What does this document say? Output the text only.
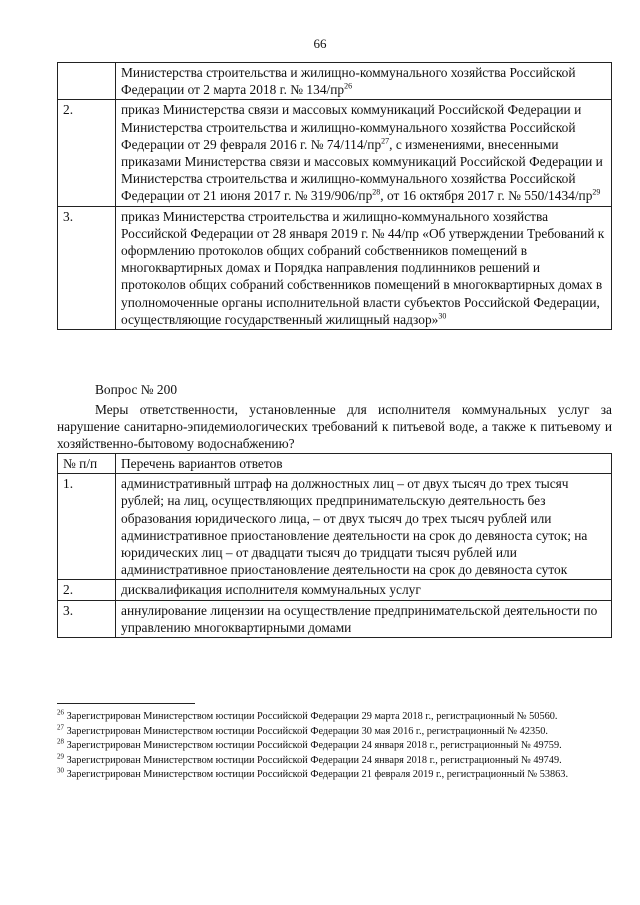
66
	Министерства строительства и жилищно-коммунального хозяйства Российской Федерации от 2 марта 2018 г. № $134/пр^{26}$
2.	приказ Министерства связи и массовых коммуникаций Российской Федерации и Министерства строительства и жилищно-коммунального хозяйства Российской Федерации от 29 февраля 2016 г. № $74/114/пр^{27}$, с изменениями, внесенными приказами Министерства связи и массовых коммуникаций Российской Федерации и Министерства строительства и жилищно-коммунального хозяйства Российской Федерации от 21 июня 2017 г. № $319/906/пр^{28}$, от 16 октября 2017 г. № $550/1434/пр^{29}$
3.	приказ Министерства строительства и жилищно-коммунального хозяйства Российской Федерации от 28 января 2019 г. № 44/пр «Об утверждении Требований к оформлению протоколов общих собраний собственников помещений в многоквартирных домах и Порядка направления подлинников решений и протоколов общих собраний собственников помещений в многоквартирных домах в уполномоченные органы исполнительной власти субъектов Российской Федерации, осуществляющие государственный жилищный надзор»$^{30}$
Вопрос № 200
Меры ответственности, установленные для исполнителя коммунальных услуг за нарушение санитарно-эпидемиологических требований к питьевой воде, а также к питьевому и хозяйственно-бытовому водоснабжению?
№ п/п	Перечень вариантов ответов
1.	административный штраф на должностных лиц – от двух тысяч до трех тысяч рублей; на лиц, осуществляющих предпринимательскую деятельность без образования юридического лица, – от двух тысяч до трех тысяч рублей или административное приостановление деятельности на срок до девяноста суток; на юридических лиц – от двадцати тысяч до тридцати тысяч рублей или административное приостановление деятельности на срок до девяноста суток
2.	дисквалификация исполнителя коммунальных услуг
3.	аннулирование лицензии на осуществление предпринимательской деятельности по управлению многоквартирными домами

$^{26}$ Зарегистрирован Министерством юстиции Российской Федерации 29 марта 2018 г., регистрационный № 50560.

$^{27}$ Зарегистрирован Министерством юстиции Российской Федерации 30 мая 2016 г., регистрационный № 42350.

$^{28}$ Зарегистрирован Министерством юстиции Российской Федерации 24 января 2018 г., регистрационный № 49759.

$^{29}$ Зарегистрирован Министерством юстиции Российской Федерации 24 января 2018 г., регистрационный № 49749.

$^{30}$ Зарегистрирован Министерством юстиции Российской Федерации 21 февраля 2019 г., регистрационный № 53863.
